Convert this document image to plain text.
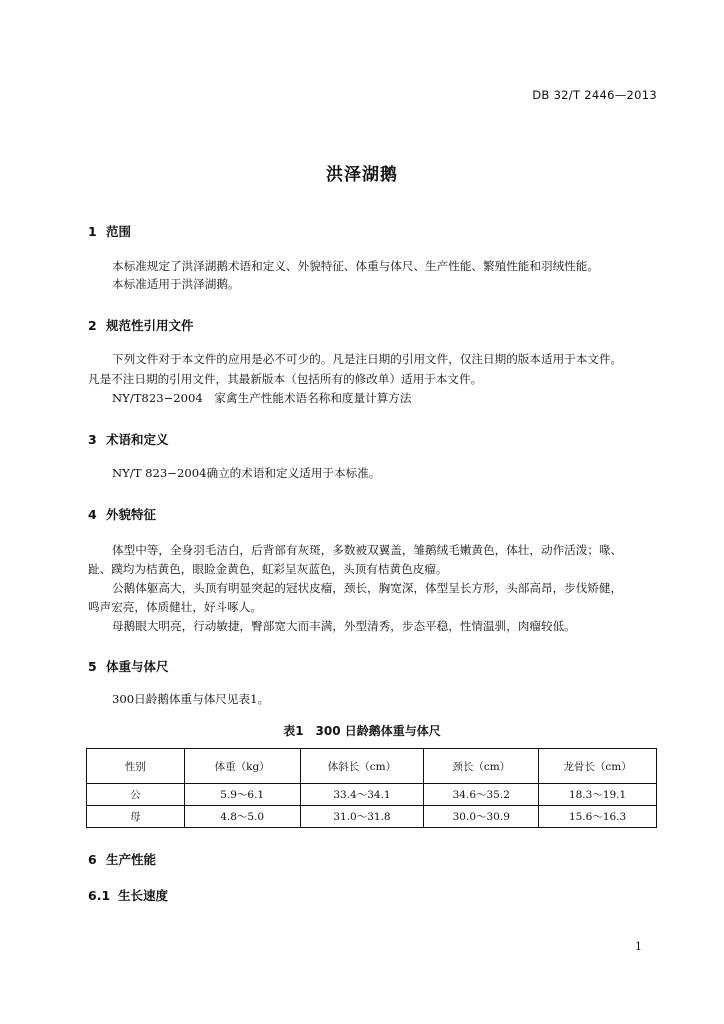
DB 32/T 2446—2013
洪泽湖鹅
1 范围
本标准规定了洪泽湖鹅术语和定义、外貌特征、体重与体尺、生产性能、繁殖性能和羽绒性能。
本标准适用于洪泽湖鹅。
2 规范性引用文件
下列文件对于本文件的应用是必不可少的。凡是注日期的引用文件，仅注日期的版本适用于本文件。
凡是不注日期的引用文件，其最新版本（包括所有的修改单）适用于本文件。
NY/T823−2004　家禽生产性能术语名称和度量计算方法
3 术语和定义
NY/T 823−2004确立的术语和定义适用于本标准。
4 外貌特征
体型中等，全身羽毛洁白，后背部有灰斑，多数被双翼盖，雏鹅绒毛嫩黄色，体壮，动作活泼；喙、
趾、蹼均为桔黄色，眼睑金黄色，虹彩呈灰蓝色，头顶有桔黄色皮瘤。
公鹅体躯高大，头顶有明显突起的冠状皮瘤，颈长，胸宽深，体型呈长方形，头部高昂，步伐矫健，
鸣声宏亮，体质健壮，好斗啄人。
母鹅眼大明亮，行动敏捷，臀部宽大而丰满，外型清秀，步态平稳，性情温驯，肉瘤较低。
5 体重与体尺
300日龄鹅体重与体尺见表1。
表1　300 日龄鹅体重与体尺
性别	体重（kg）	体斜长（cm）	颈长（cm）	龙骨长（cm）
公	5.9～6.1	33.4～34.1	34.6～35.2	18.3～19.1
母	4.8～5.0	31.0～31.8	30.0～30.9	15.6～16.3
6 生产性能
6.1 生长速度
1
